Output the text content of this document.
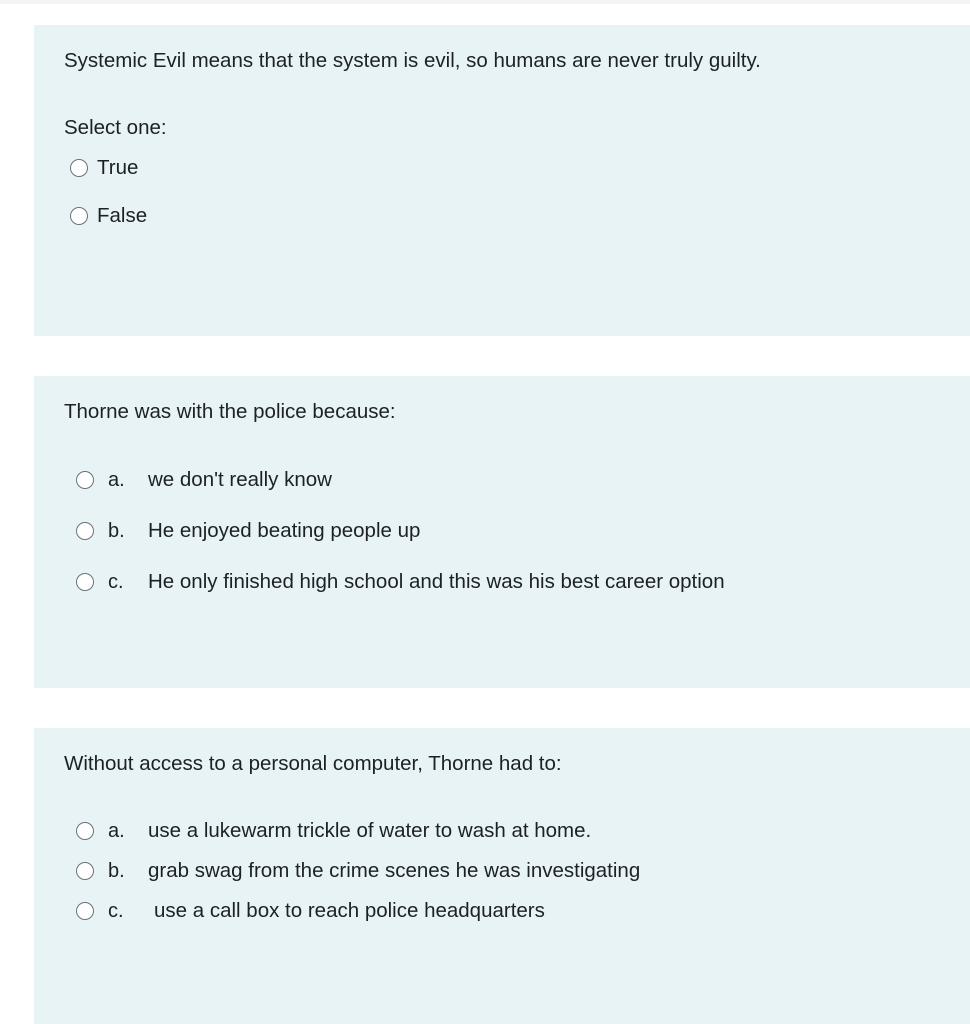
Systemic Evil means that the system is evil, so humans are never truly guilty.
Select one:
True
False
Thorne was with the police because:
a. we don't really know
b. He enjoyed beating people up
c. He only finished high school and this was his best career option
Without access to a personal computer, Thorne had to:
a. use a lukewarm trickle of water to wash at home.
b. grab swag from the crime scenes he was investigating
c. use a call box to reach police headquarters
